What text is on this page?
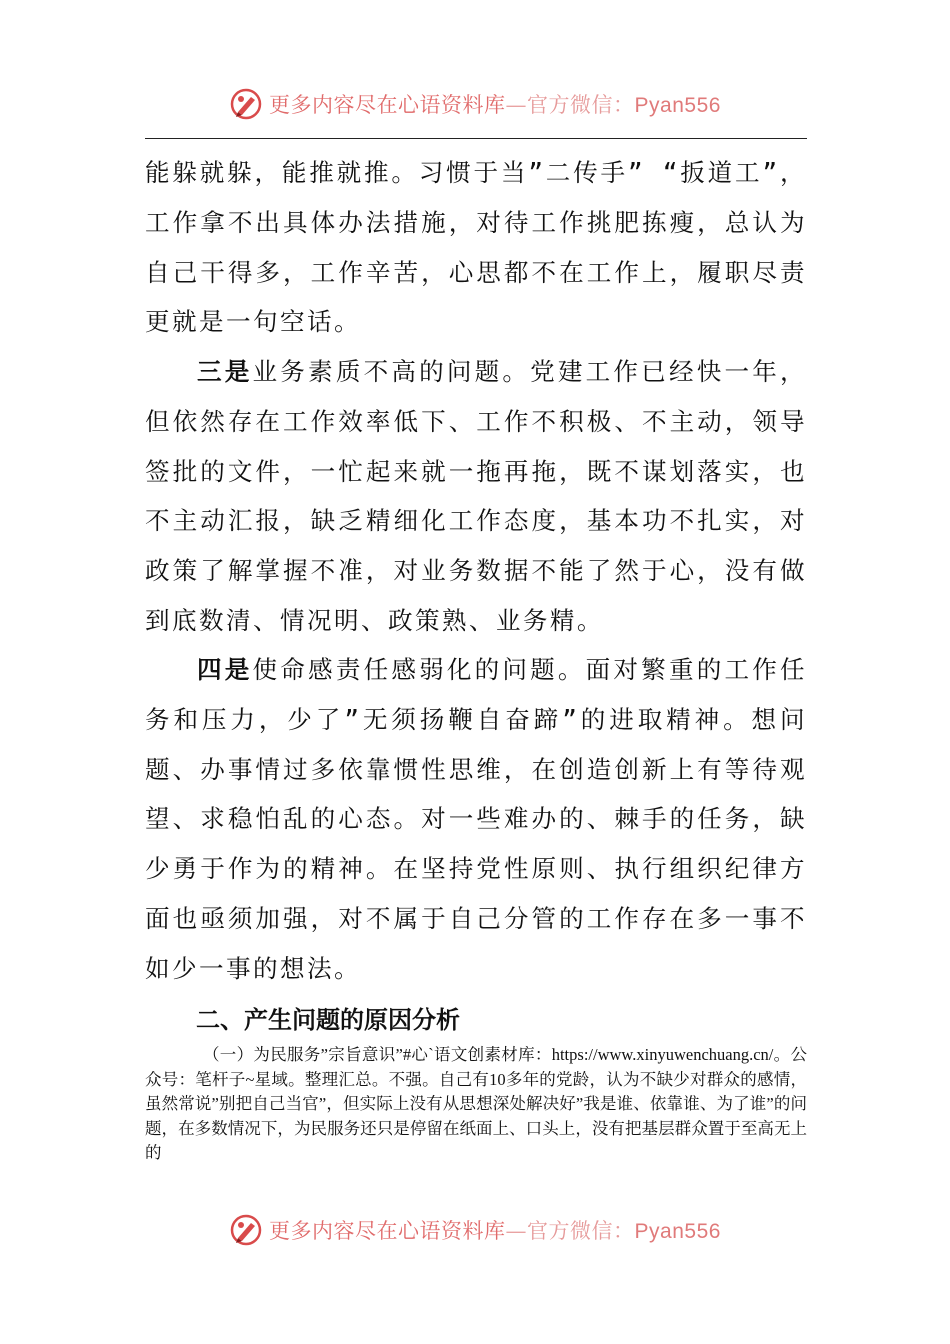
更多内容尽在心语资料库—官方微信：Pyan556

能躲就躲，能推就推。习惯于当”二传手” “扳道工”，工作拿不出具体办法措施，对待工作挑肥拣瘦，总认为自己干得多，工作辛苦，心思都不在工作上，履职尽责更就是一句空话。

三是业务素质不高的问题。党建工作已经快一年，但依然存在工作效率低下、工作不积极、不主动，领导签批的文件，一忙起来就一拖再拖，既不谋划落实，也不主动汇报，缺乏精细化工作态度，基本功不扎实，对政策了解掌握不准，对业务数据不能了然于心，没有做到底数清、情况明、政策熟、业务精。

四是使命感责任感弱化的问题。面对繁重的工作任务和压力，少了”无须扬鞭自奋蹄”的进取精神。想问题、办事情过多依靠惯性思维，在创造创新上有等待观望、求稳怕乱的心态。对一些难办的、棘手的任务，缺少勇于作为的精神。在坚持党性原则、执行组织纪律方面也亟须加强，对不属于自己分管的工作存在多一事不如少一事的想法。

二、产生问题的原因分析

（一）为民服务”宗旨意识”#心`语文创素材库：https://www.xinyuwenchuang.cn/。公众号：笔杆子~星域。整理汇总。不强。自己有10多年的党龄，认为不缺少对群众的感情，虽然常说”别把自己当官”，但实际上没有从思想深处解决好”我是谁、依靠谁、为了谁”的问题，在多数情况下，为民服务还只是停留在纸面上、口头上，没有把基层群众置于至高无上的

更多内容尽在心语资料库—官方微信：Pyan556
